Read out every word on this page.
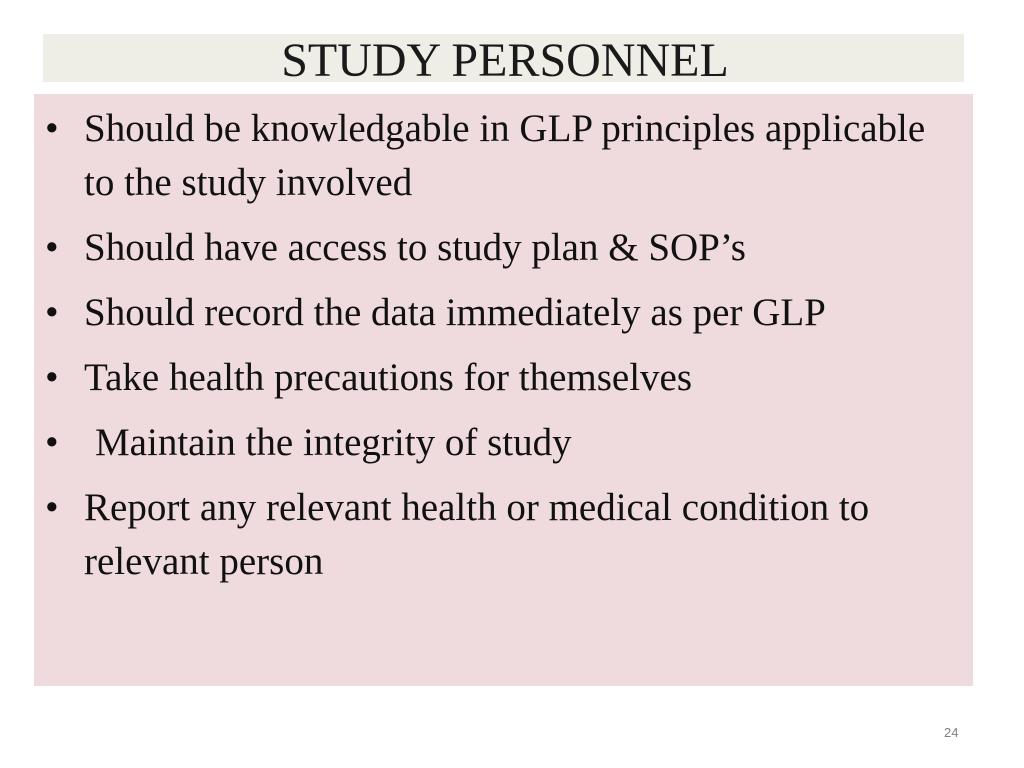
STUDY PERSONNEL
• Should be knowledgable in GLP principles applicable to the study involved
• Should have access to study plan & SOP’s
• Should record the data immediately as per GLP
• Take health precautions for themselves
• Maintain the integrity of study
• Report any relevant health or medical condition to relevant person
24
